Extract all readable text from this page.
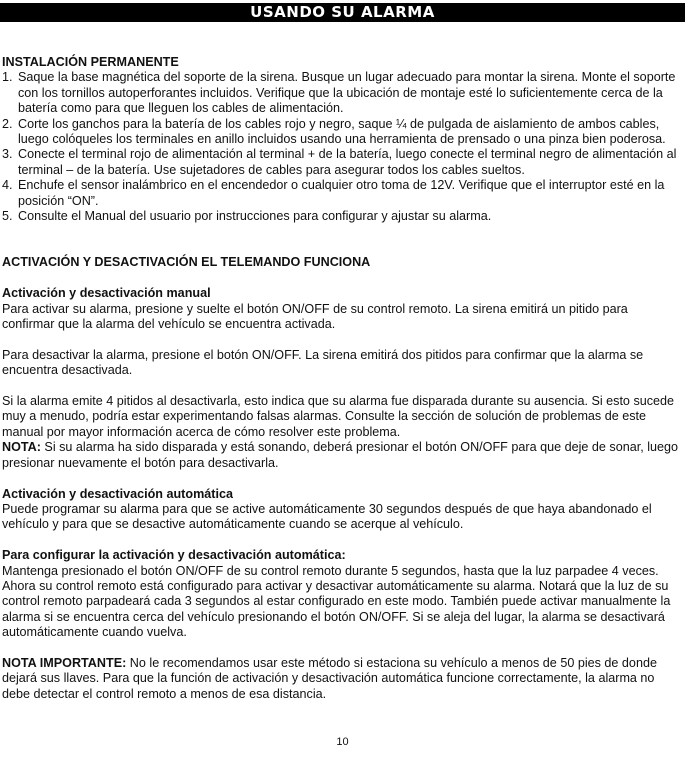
USANDO SU ALARMA
INSTALACIÓN PERMANENTE
1. Saque la base magnética del soporte de la sirena. Busque un lugar adecuado para montar la sirena. Monte el soporte con los tornillos autoperforantes incluidos. Verifique que la ubicación de montaje esté lo suficientemente cerca de la batería como para que lleguen los cables de alimentación.
2. Corte los ganchos para la batería de los cables rojo y negro, saque ¼ de pulgada de aislamiento de ambos cables, luego colóqueles los terminales en anillo incluidos usando una herramienta de prensado o una pinza bien poderosa.
3. Conecte el terminal rojo de alimentación al terminal + de la batería, luego conecte el terminal negro de alimentación al terminal – de la batería. Use sujetadores de cables para asegurar todos los cables sueltos.
4. Enchufe el sensor inalámbrico en el encendedor o cualquier otro toma de 12V. Verifique que el interruptor esté en la posición “ON”.
5. Consulte el Manual del usuario por instrucciones para configurar y ajustar su alarma.
ACTIVACIÓN Y DESACTIVACIÓN EL TELEMANDO FUNCIONA
Activación y desactivación manual

Para activar su alarma, presione y suelte el botón ON/OFF de su control remoto. La sirena emitirá un pitido para confirmar que la alarma del vehículo se encuentra activada.

Para desactivar la alarma, presione el botón ON/OFF. La sirena emitirá dos pitidos para confirmar que la alarma se encuentra desactivada.

Si la alarma emite 4 pitidos al desactivarla, esto indica que su alarma fue disparada durante su ausencia. Si esto sucede muy a menudo, podría estar experimentando falsas alarmas. Consulte la sección de solución de problemas de este manual por mayor información acerca de cómo resolver este problema.

NOTA: Si su alarma ha sido disparada y está sonando, deberá presionar el botón ON/OFF para que deje de sonar, luego presionar nuevamente el botón para desactivarla.

Activación y desactivación automática

Puede programar su alarma para que se active automáticamente 30 segundos después de que haya abandonado el vehículo y para que se desactive automáticamente cuando se acerque al vehículo.

Para configurar la activación y desactivación automática:

Mantenga presionado el botón ON/OFF de su control remoto durante 5 segundos, hasta que la luz parpadee 4 veces. Ahora su control remoto está configurado para activar y desactivar automáticamente su alarma. Notará que la luz de su control remoto parpadeará cada 3 segundos al estar configurado en este modo. También puede activar manualmente la alarma si se encuentra cerca del vehículo presionando el botón ON/OFF. Si se aleja del lugar, la alarma se desactivará automáticamente cuando vuelva.

NOTA IMPORTANTE: No le recomendamos usar este método si estaciona su vehículo a menos de 50 pies de donde dejará sus llaves. Para que la función de activación y desactivación automática funcione correctamente, la alarma no debe detectar el control remoto a menos de esa distancia.

10
